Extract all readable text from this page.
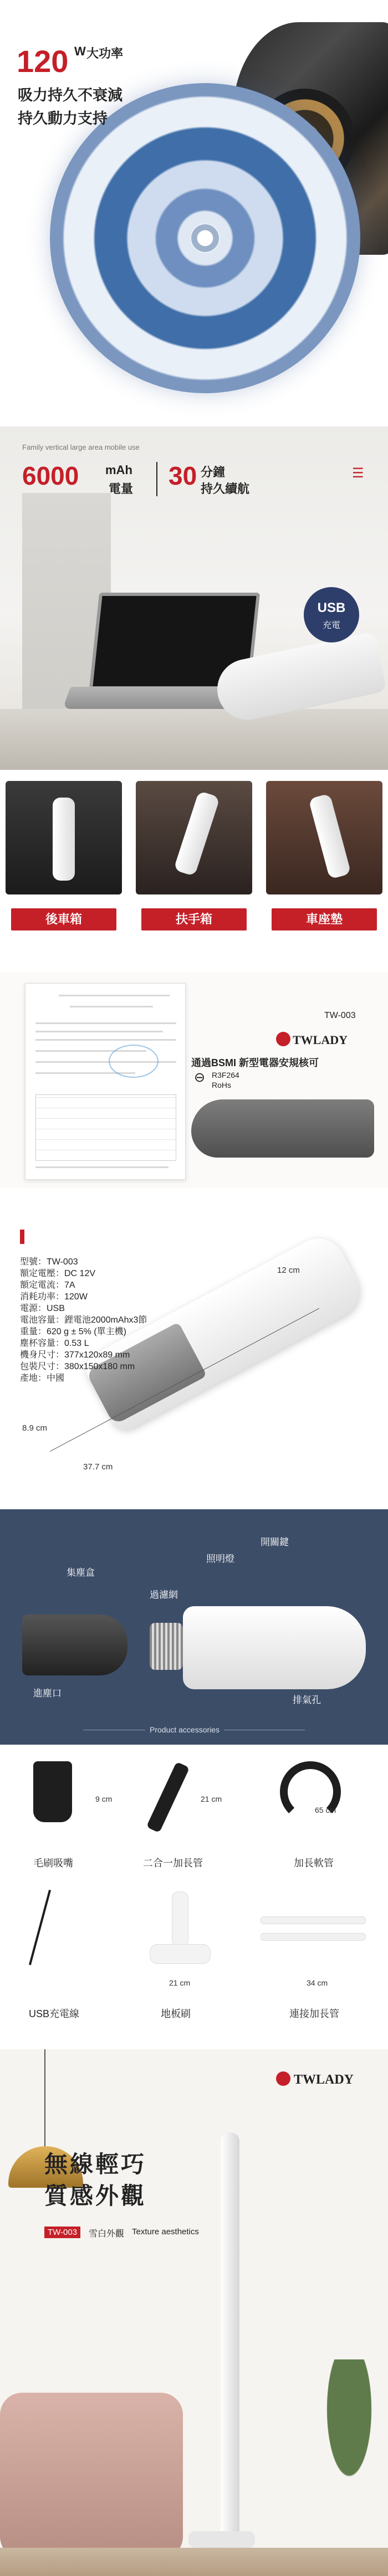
120 W 大功率
吸力持久不衰減
持久動力支持
Family vertical large area mobile use
6000 mAh
電量 30 分鐘
持久續航
☰
USB
充電
後車箱	扶手箱	車座墊
TW-003
TWLADY
通過BSMI 新型電器安規核可
⊖ R3F264
RoHs
型號：TW-003
額定電壓：DC 12V
額定電流：7A
消耗功率：120W
電源：USB
電池容量：鋰電池2000mAhx3節
重量：620 g ± 5% (單主機)
塵杯容量：0.53 L
機身尺寸：377x120x89 mm
包裝尺寸：380x150x180 mm
產地：中國
12 cm
8.9 cm
37.7 cm
集塵盒
過濾網
照明燈
開關鍵
進塵口
排氣孔
Product accessories
9 cm
毛刷吸嘴
21 cm
二合一加長管
65 cm
加長軟管
USB充電線
21 cm
地板刷
34 cm
連接加長管
TWLADY
無線輕巧
質感外觀
TW-003	雪白外觀 Texture aesthetics
